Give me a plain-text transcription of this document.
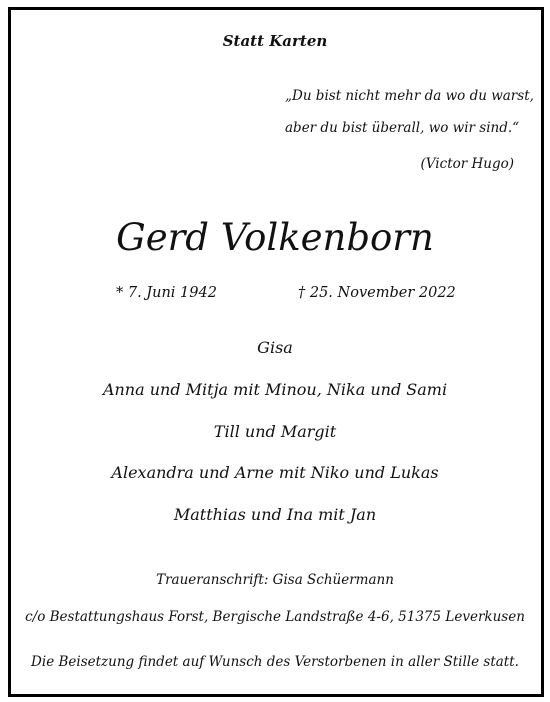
Statt Karten

„Du bist nicht mehr da wo du warst,

aber du bist überall, wo wir sind.“

(Victor Hugo)

Gerd Volkenborn

* 7. Juni 1942	† 25. November 2022

Gisa

Anna und Mitja mit Minou, Nika und Sami

Till und Margit

Alexandra und Arne mit Niko und Lukas

Matthias und Ina mit Jan

Traueranschrift: Gisa Schüermann

c/o Bestattungshaus Forst, Bergische Landstraße 4-6, 51375 Leverkusen

Die Beisetzung findet auf Wunsch des Verstorbenen in aller Stille statt.
